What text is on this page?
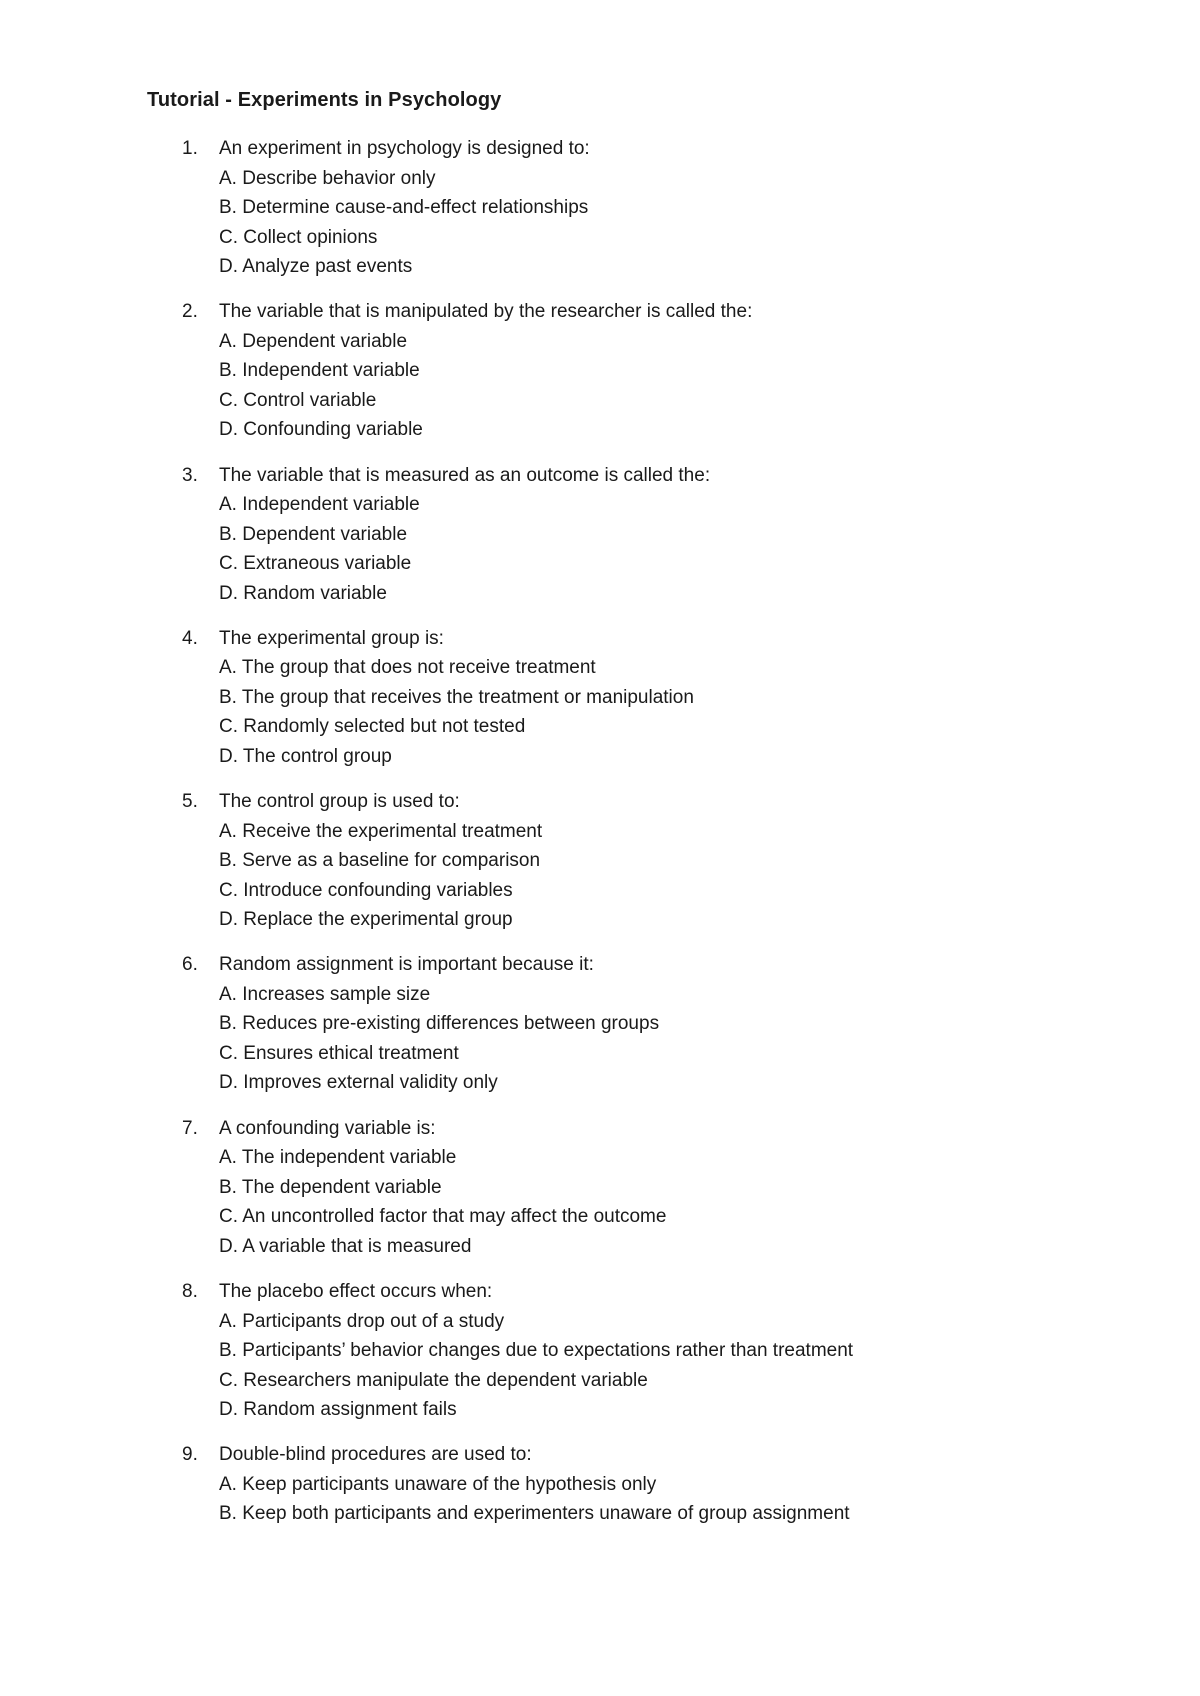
Tutorial - Experiments in Psychology
1. An experiment in psychology is designed to:
A. Describe behavior only
B. Determine cause-and-effect relationships
C. Collect opinions
D. Analyze past events
2. The variable that is manipulated by the researcher is called the:
A. Dependent variable
B. Independent variable
C. Control variable
D. Confounding variable
3. The variable that is measured as an outcome is called the:
A. Independent variable
B. Dependent variable
C. Extraneous variable
D. Random variable
4. The experimental group is:
A. The group that does not receive treatment
B. The group that receives the treatment or manipulation
C. Randomly selected but not tested
D. The control group
5. The control group is used to:
A. Receive the experimental treatment
B. Serve as a baseline for comparison
C. Introduce confounding variables
D. Replace the experimental group
6. Random assignment is important because it:
A. Increases sample size
B. Reduces pre-existing differences between groups
C. Ensures ethical treatment
D. Improves external validity only
7. A confounding variable is:
A. The independent variable
B. The dependent variable
C. An uncontrolled factor that may affect the outcome
D. A variable that is measured
8. The placebo effect occurs when:
A. Participants drop out of a study
B. Participants’ behavior changes due to expectations rather than treatment
C. Researchers manipulate the dependent variable
D. Random assignment fails
9. Double-blind procedures are used to:
A. Keep participants unaware of the hypothesis only
B. Keep both participants and experimenters unaware of group assignment
